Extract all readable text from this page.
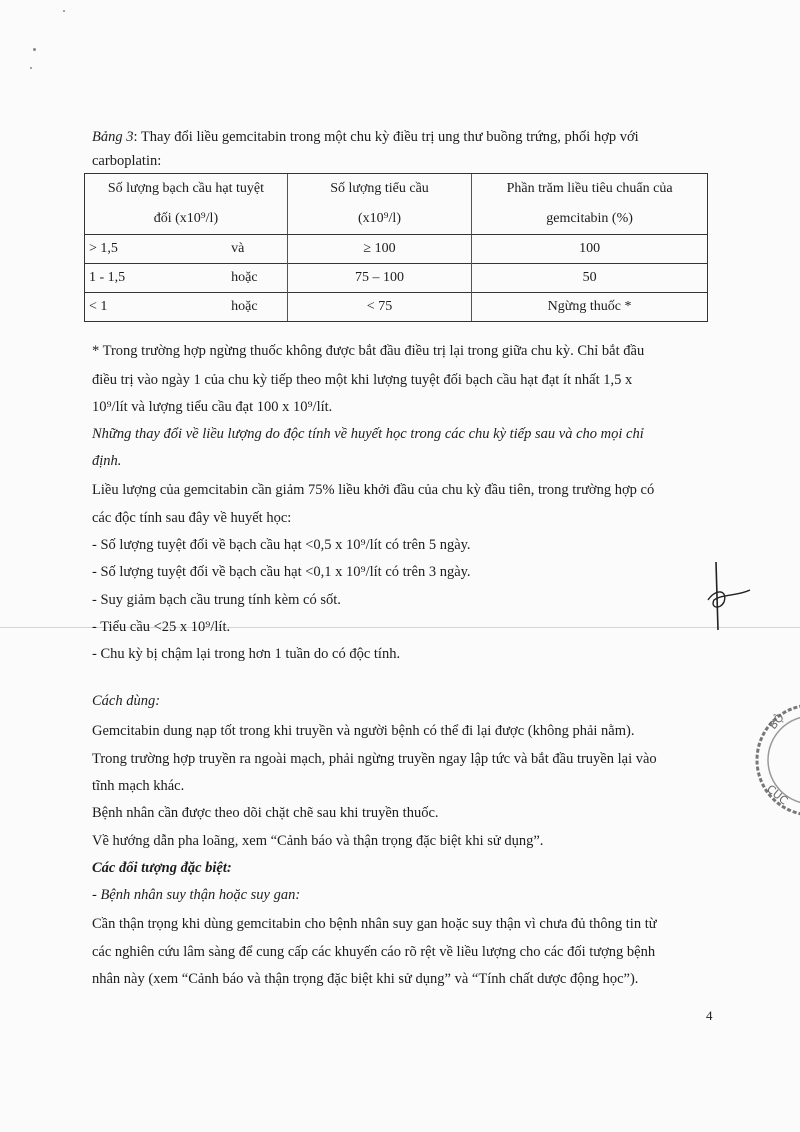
Bảng 3: Thay đổi liều gemcitabin trong một chu kỳ điều trị ung thư buồng trứng, phối hợp với
carboplatin:
Số lượng bạch cầu hạt tuyệt		Số lượng tiểu cầu	Phần trăm liều tiêu chuẩn của
đối (x10⁹/l)		(x10⁹/l)	gemcitabin (%)
> 1,5	và	≥ 100	100
1 - 1,5	hoặc	75 – 100	50
< 1	hoặc	< 75	Ngừng thuốc *
* Trong trường hợp ngừng thuốc không được bắt đầu điều trị lại trong giữa chu kỳ. Chỉ bắt đầu
điều trị vào ngày 1 của chu kỳ tiếp theo một khi lượng tuyệt đối bạch cầu hạt đạt ít nhất 1,5 x
10⁹/lít và lượng tiểu cầu đạt 100 x 10⁹/lít.
Những thay đổi về liều lượng do độc tính về huyết học trong các chu kỳ tiếp sau và cho mọi chỉ
định.
Liều lượng của gemcitabin cần giảm 75% liều khởi đầu của chu kỳ đầu tiên, trong trường hợp có
các độc tính sau đây về huyết học:
- Số lượng tuyệt đối về bạch cầu hạt <0,5 x 10⁹/lít có trên 5 ngày.
- Số lượng tuyệt đối về bạch cầu hạt <0,1 x 10⁹/lít có trên 3 ngày.
- Suy giảm bạch cầu trung tính kèm có sốt.
- Tiểu cầu <25 x 10⁹/lít.
- Chu kỳ bị chậm lại trong hơn 1 tuần do có độc tính.
Cách dùng:
Gemcitabin dung nạp tốt trong khi truyền và người bệnh có thể đi lại được (không phải nằm).
Trong trường hợp truyền ra ngoài mạch, phải ngừng truyền ngay lập tức và bắt đầu truyền lại vào
tĩnh mạch khác.
Bệnh nhân cần được theo dõi chặt chẽ sau khi truyền thuốc.
Về hướng dẫn pha loãng, xem “Cảnh báo và thận trọng đặc biệt khi sử dụng”.
Các đối tượng đặc biệt:
- Bệnh nhân suy thận hoặc suy gan:
Cần thận trọng khi dùng gemcitabin cho bệnh nhân suy gan hoặc suy thận vì chưa đủ thông tin từ
các nghiên cứu lâm sàng để cung cấp các khuyến cáo rõ rệt về liều lượng cho các đối tượng bệnh
nhân này (xem “Cảnh báo và thận trọng đặc biệt khi sử dụng” và “Tính chất dược động học”).
4
BỘ
CỤC
